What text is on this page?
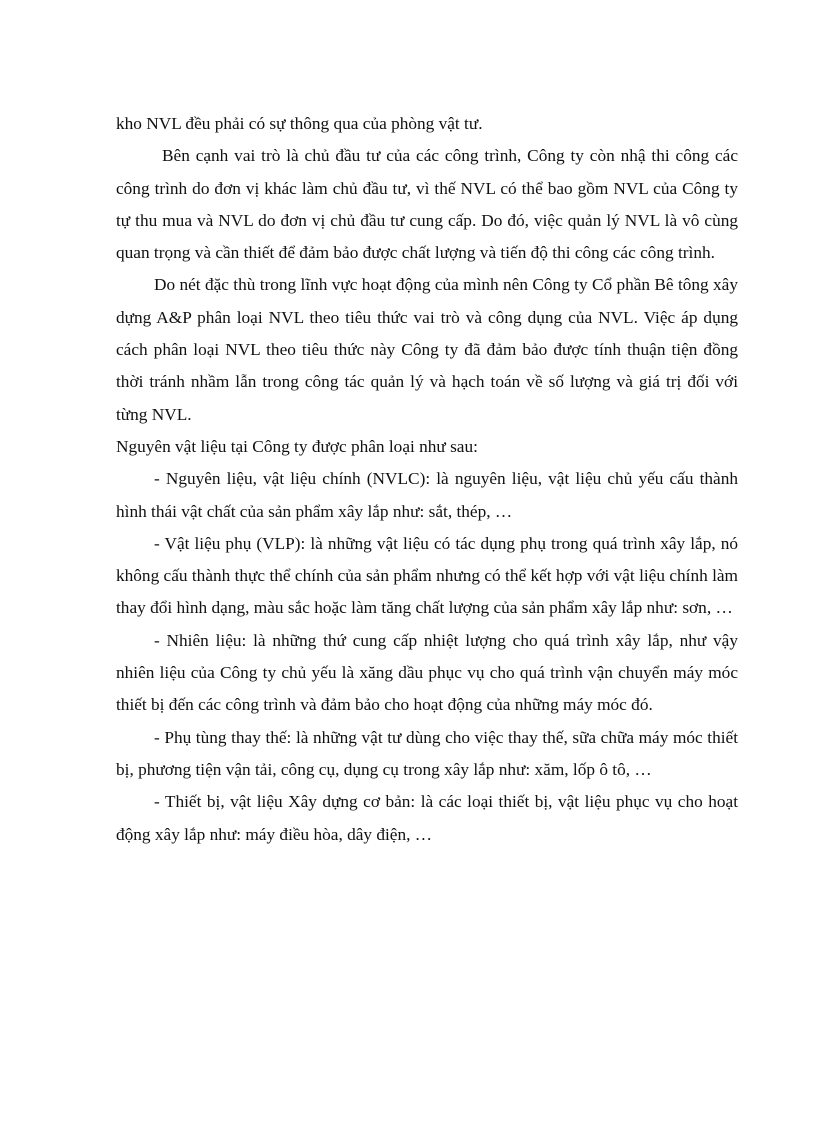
kho NVL đều phải có sự thông qua của phòng vật tư.

Bên cạnh vai trò là chủ đầu tư của các công trình, Công ty còn nhậ thi công các công trình do đơn vị khác làm chủ đầu tư, vì thế NVL có thể bao gồm NVL của Công ty tự thu mua và NVL do đơn vị chủ đầu tư cung cấp. Do đó, việc quản lý NVL là vô cùng quan trọng và cần thiết để đảm bảo được chất lượng và tiến độ thi công các công trình.

Do nét đặc thù trong lĩnh vực hoạt động của mình nên Công ty Cổ phần Bê tông xây dựng A&P phân loại NVL theo tiêu thức vai trò và công dụng của NVL. Việc áp dụng cách phân loại NVL theo tiêu thức này Công ty đã đảm bảo được tính thuận tiện đồng thời tránh nhầm lẫn trong công tác quản lý và hạch toán về số lượng và giá trị đối với từng NVL.

Nguyên vật liệu tại Công ty được phân loại như sau:

- Nguyên liệu, vật liệu chính (NVLC): là nguyên liệu, vật liệu chủ yếu cấu thành hình thái vật chất của sản phẩm xây lắp như: sắt, thép, …

- Vật liệu phụ (VLP): là những vật liệu có tác dụng phụ trong quá trình xây lắp, nó không cấu thành thực thể chính của sản phẩm nhưng có thể kết hợp với vật liệu chính làm thay đổi hình dạng, màu sắc hoặc làm tăng chất lượng của sản phẩm xây lắp như: sơn, …

- Nhiên liệu: là những thứ cung cấp nhiệt lượng cho quá trình xây lắp, như vậy nhiên liệu của Công ty chủ yếu là xăng dầu phục vụ cho quá trình vận chuyển máy móc thiết bị đến các công trình và đảm bảo cho hoạt động của những máy móc đó.

- Phụ tùng thay thế: là những vật tư dùng cho việc thay thế, sữa chữa máy móc thiết bị, phương tiện vận tải, công cụ, dụng cụ trong xây lắp như: xăm, lốp ô tô, …

- Thiết bị, vật liệu Xây dựng cơ bản: là các loại thiết bị, vật liệu phục vụ cho hoạt động xây lắp như: máy điều hòa, dây điện, …
